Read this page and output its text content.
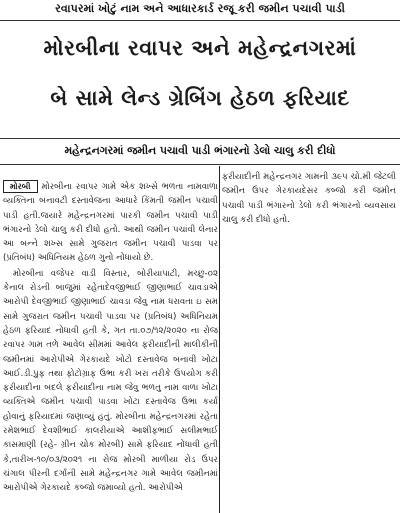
રવાપરમાં ખોટું નામ અને આધારકાર્ડ રજૂ કરી જમીન પચાવી પાડી
મોરબીના રવાપર અને મહેન્દ્રનગરમાં
બે સામે લેન્ડ ગ્રેબિંગ હેઠળ ફરિયાદ
મહેન્દ્રનગરમાં જમીન પચાવી પાડી ભંગારનો ડેલો ચાલુ કરી દીધો

મોરબી મોરબીના રવાપર ગામે એક શખ્સે ભળતા નામવાળા વ્યક્તિના બનાવટી દસ્તાવેજના આધારે કિંમતી જમીન પચાવી પાડી હતી.જયારે મહેન્દ્રનગરમાં પારકી જમીન પચાવી પાડી ભંગારનો ડેલો ચાલુ કરી દીધો હતો. આથી જમીન પચાવી લેનાર આ બન્ને શખ્સ સામે ગુજરાત જમીન પચાવી પાડવા પર (પ્રતિબંધ) અધિનિયમ હેઠળ ગુનો નોંધાયો છે.

મોરબીના વજેપર વાડી વિસ્તાર, બોરીયાપાટી, મચ્છુ-૦૨ કેનાલ રોડની બાજુમાં રહેતાદેવજીભાઈ જીણાભાઈ ચાવડાએ આરોપી દેવજીભાઈ જીણાભાઈ ચાવડા જેવુ નામ ધરાવતા ઇ સમ સામે ગુજરાત જમીન પચાવી પાડવા પર (પ્રતિબંધ) અધિનિયમ હેઠળ ફરિયાદ નોંધાવી હતી કે, ગત તા.૦૭/૧૨/૨૦૨૦ ના રોજ રવાપર ગામ તળે આવેલ સીમમાં આવેલ ફરીયાદીની માલીકીની જમીનમાં આરોપીએ ગેરકાયદે ખોટો દસ્તાવેજ બનાવી ખોટા આઈ.ડી.પ્રુફ તથા ફોટોગ્રાફ ઉભા કરી ખરા તરીકે ઉપયોગ કરી ફરીયાદીના બદલે ફરીયાદીના નામ જેવુ ભળતુ નામ વાળા ખોટા વ્યક્તિએ જમીન પચાવી પાડવા ખોટા દસ્તાવેજ ઉભા કર્યા હોવાનું ફરિયાદમાં જણાવ્યું હતું. મોરબીના મહેન્દ્રનગરમાં રહેતા રમેશભાઈ દેવશીભાઈ કાલરીયાએ આશીફભાઈ સલીમભાઈ કાસમાણી (રહે- ગ્રીન ચોક મોરબી) સામે ફરિયાદ નોંધાવી હતી કે,તારીખ-૧૦/૦૩/૨૦૨૧ ના રોજ મોરબી માળીયા રોડ ઉપર ચંગાલ પીરની દર્ગાની સામે મહેન્દ્રનગર ગામે આવેલ જમીનમાં આરોપીએ ગેરકાયદે કબ્જો જમાવ્યો હતો. આરોપીએ

ફરીયાદીની મહેન્દ્રનગર ગામની ૩૯૫ ચો.મી જેટલી જમીન ઉપર ગેરકાયદેસર કબ્જો કરી જમીન પચાવી પાડી ભંગારનો ડેલો કરી ભંગારનો વ્યવસાય ચાલુ કરી દીધો હતો.
